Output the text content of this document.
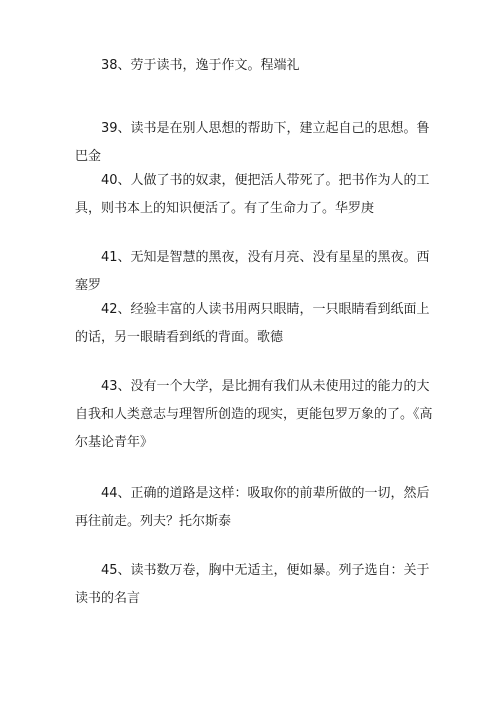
38、劳于读书，逸于作文。程端礼

39、读书是在别人思想的帮助下，建立起自己的思想。鲁巴金

40、人做了书的奴隶，便把活人带死了。把书作为人的工具，则书本上的知识便活了。有了生命力了。华罗庚

41、无知是智慧的黑夜，没有月亮、没有星星的黑夜。西塞罗

42、经验丰富的人读书用两只眼睛，一只眼睛看到纸面上的话，另一眼睛看到纸的背面。歌德

43、没有一个大学，是比拥有我们从未使用过的能力的大自我和人类意志与理智所创造的现实，更能包罗万象的了。《高尔基论青年》

44、正确的道路是这样：吸取你的前辈所做的一切，然后再往前走。列夫？托尔斯泰

45、读书数万卷，胸中无适主，便如暴。列子选自：关于读书的名言
